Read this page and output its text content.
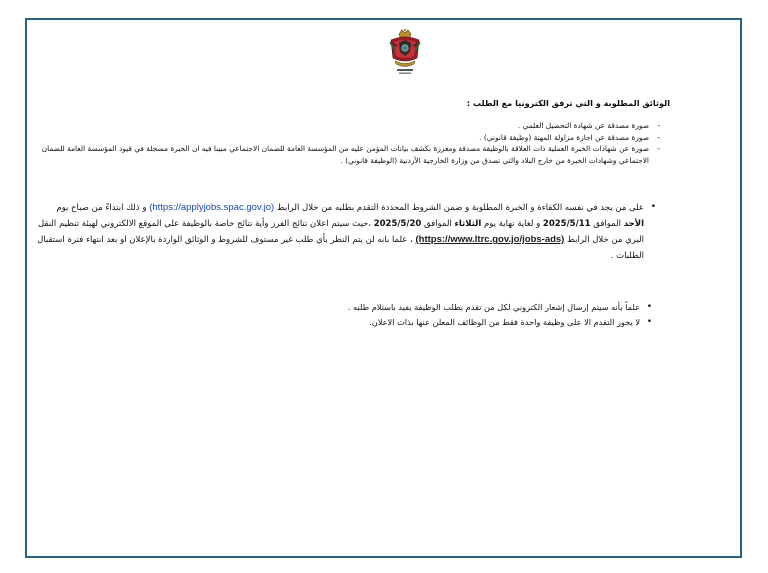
الوثائق المطلوبة و التي ترفق الكترونيا مع الطلب :
-
صورة مصدقة عن شهادة التحصيل العلمي .
-
صورة مصدقة عن اجازة مزاولة المهنة (وظيفة قانوني) .
-
صورة عن شهادات الخبرة العملية ذات العلاقة بالوظيفة مصدقة ومعززة بكشف بيانات المؤمن عليه من المؤسسة العامة للضمان الاجتماعي مبينا فيه ان الخبرة مسجلة في قيود المؤسسة العامة للضمان الاجتماعي وشهادات الخبرة من خارج البلاد والتي تصدق من وزارة الخارجية الأردنية (الوظيفة قانوني) .
•
على من يجد في نفسه الكفاءة و الخبرة المطلوبة و ضمن الشروط المحددة التقدم بطلبه من خلال الرابط (https://applyjobs.spac.gov.jo) و ذلك ابتداءً من صباح يوم الأحد الموافق 2025/5/11 و لغاية نهاية يوم الثلاثاء الموافق 2025/5/20 ،حيث سيتم اعلان نتائج الفرز وأية نتائج خاصة بالوظيفة على الموقع الالكتروني لهيئة تنظيم النقل البري من خلال الرابط (https://www.ltrc.gov.jo/jobs-ads) ، علما بانه لن يتم النظر بأي طلب غير مستوف للشروط و الوثائق الواردة بالإعلان او بعد انتهاء فترة استقبال الطلبات .
•
علماً بأنه سيتم إرسال إشعار الكتروني لكل من تقدم بطلب الوظيفة يفيد باستلام طلبه .
•
لا يجوز التقدم الا على وظيفة واحدة فقط من الوظائف المعلن عنها بذات الاعلان.
